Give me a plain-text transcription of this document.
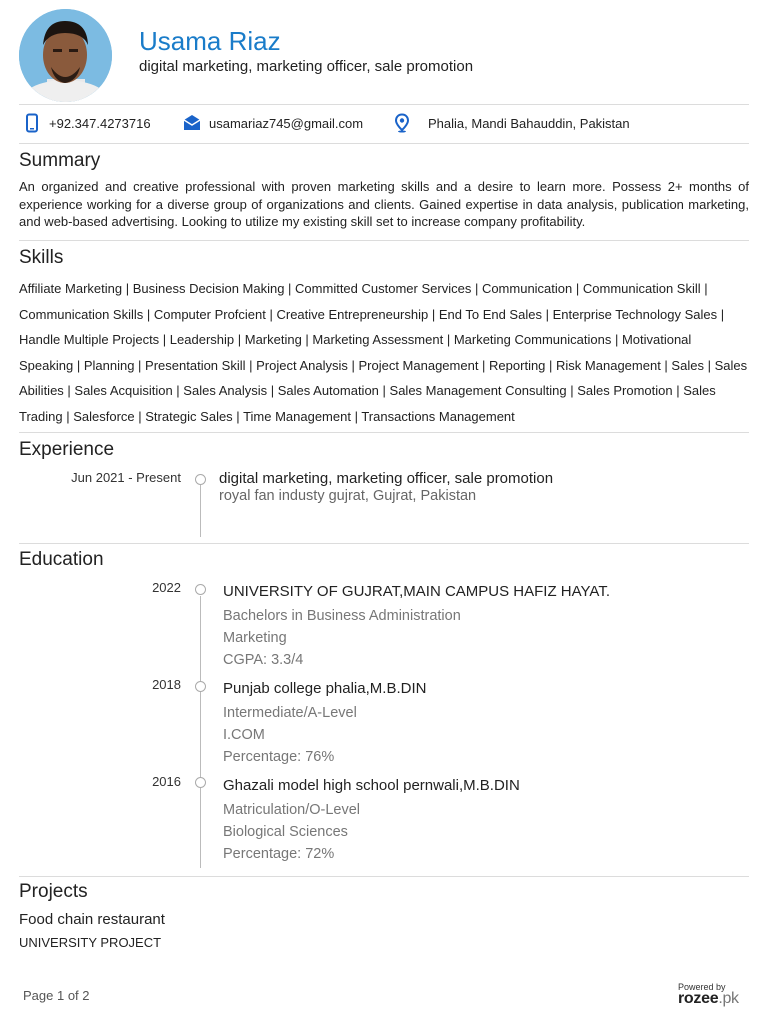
Usama Riaz
digital marketing, marketing officer, sale promotion
+92.347.4273716	usamariaz745@gmail.com	Phalia, Mandi Bahauddin, Pakistan
Summary
An organized and creative professional with proven marketing skills and a desire to learn more. Possess 2+ months of experience working for a diverse group of organizations and clients. Gained expertise in data analysis, publication marketing, and web-based advertising. Looking to utilize my existing skill set to increase company profitability.
Skills
Affiliate Marketing | Business Decision Making | Committed Customer Services | Communication | Communication Skill | Communication Skills | Computer Profcient | Creative Entrepreneurship | End To End Sales | Enterprise Technology Sales | Handle Multiple Projects | Leadership | Marketing | Marketing Assessment | Marketing Communications | Motivational Speaking | Planning | Presentation Skill | Project Analysis | Project Management | Reporting | Risk Management | Sales | Sales Abilities | Sales Acquisition | Sales Analysis | Sales Automation | Sales Management Consulting | Sales Promotion | Sales Trading | Salesforce | Strategic Sales | Time Management | Transactions Management
Experience
Jun 2021 - Present	digital marketing, marketing officer, sale promotion
royal fan industy gujrat, Gujrat, Pakistan
Education
2022	UNIVERSITY OF GUJRAT,MAIN CAMPUS HAFIZ HAYAT.
Bachelors in Business Administration
Marketing
CGPA: 3.3/4
2018	Punjab college phalia,M.B.DIN
Intermediate/A-Level
I.COM
Percentage: 76%
2016	Ghazali model high school pernwali,M.B.DIN
Matriculation/O-Level
Biological Sciences
Percentage: 72%
Projects
Food chain restaurant
UNIVERSITY PROJECT
Page 1 of 2
Powered by
rozee.pk
